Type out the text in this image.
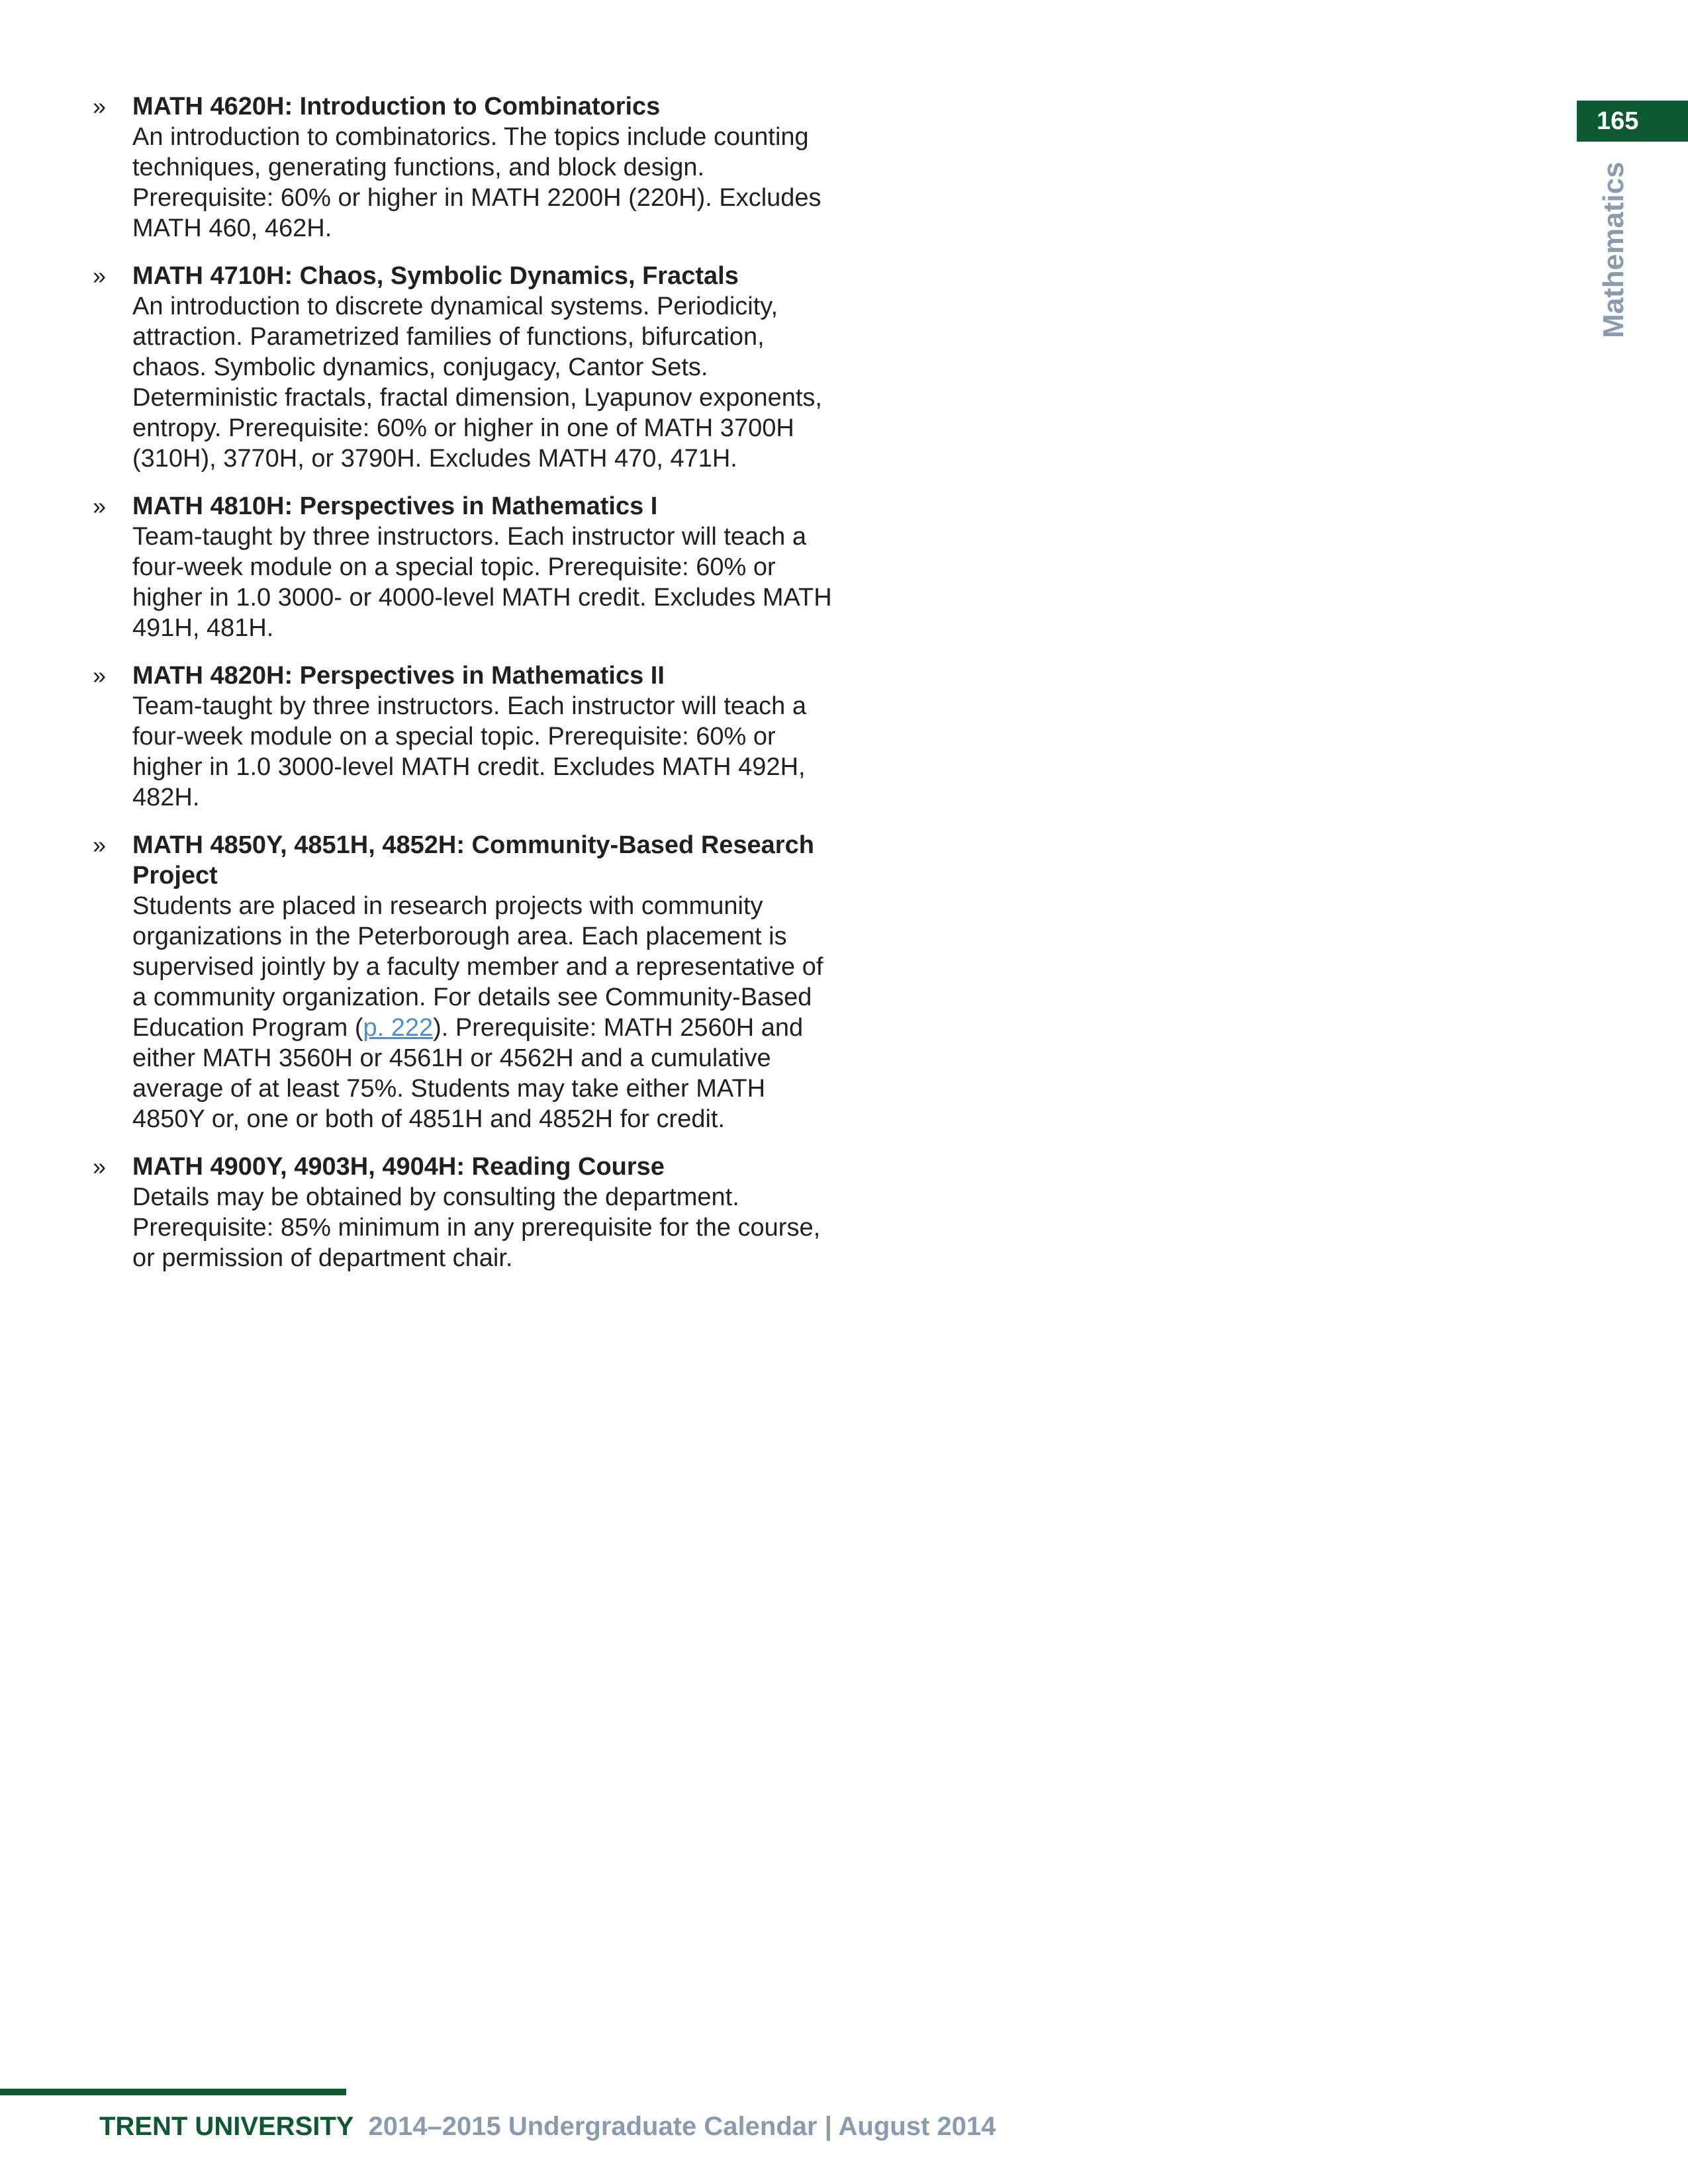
»	MATH 4620H: Introduction to Combinatorics
An introduction to combinatorics. The topics include counting techniques, generating functions, and block design. Prerequisite: 60% or higher in MATH 2200H (220H). Excludes MATH 460, 462H.
»	MATH 4710H: Chaos, Symbolic Dynamics, Fractals
An introduction to discrete dynamical systems. Periodicity, attraction. Parametrized families of functions, bifurcation, chaos. Symbolic dynamics, conjugacy, Cantor Sets. Deterministic fractals, fractal dimension, Lyapunov exponents, entropy. Prerequisite: 60% or higher in one of MATH 3700H (310H), 3770H, or 3790H. Excludes MATH 470, 471H.
»	MATH 4810H: Perspectives in Mathematics I
Team-taught by three instructors. Each instructor will teach a four-week module on a special topic. Prerequisite: 60% or higher in 1.0 3000- or 4000-level MATH credit. Excludes MATH 491H, 481H.
»	MATH 4820H: Perspectives in Mathematics II
Team-taught by three instructors. Each instructor will teach a four-week module on a special topic. Prerequisite: 60% or higher in 1.0 3000-level MATH credit. Excludes MATH 492H, 482H.
»	MATH 4850Y, 4851H, 4852H: Community-Based Research Project
Students are placed in research projects with community organizations in the Peterborough area. Each placement is supervised jointly by a faculty member and a representative of a community organization. For details see Community-Based Education Program (p. 222). Prerequisite: MATH 2560H and either MATH 3560H or 4561H or 4562H and a cumulative average of at least 75%. Students may take either MATH 4850Y or, one or both of 4851H and 4852H for credit.
»	MATH 4900Y, 4903H, 4904H: Reading Course
Details may be obtained by consulting the department. Prerequisite: 85% minimum in any prerequisite for the course, or permission of department chair.
165
Mathematics
TRENT UNIVERSITY 2014–2015 Undergraduate Calendar | August 2014
